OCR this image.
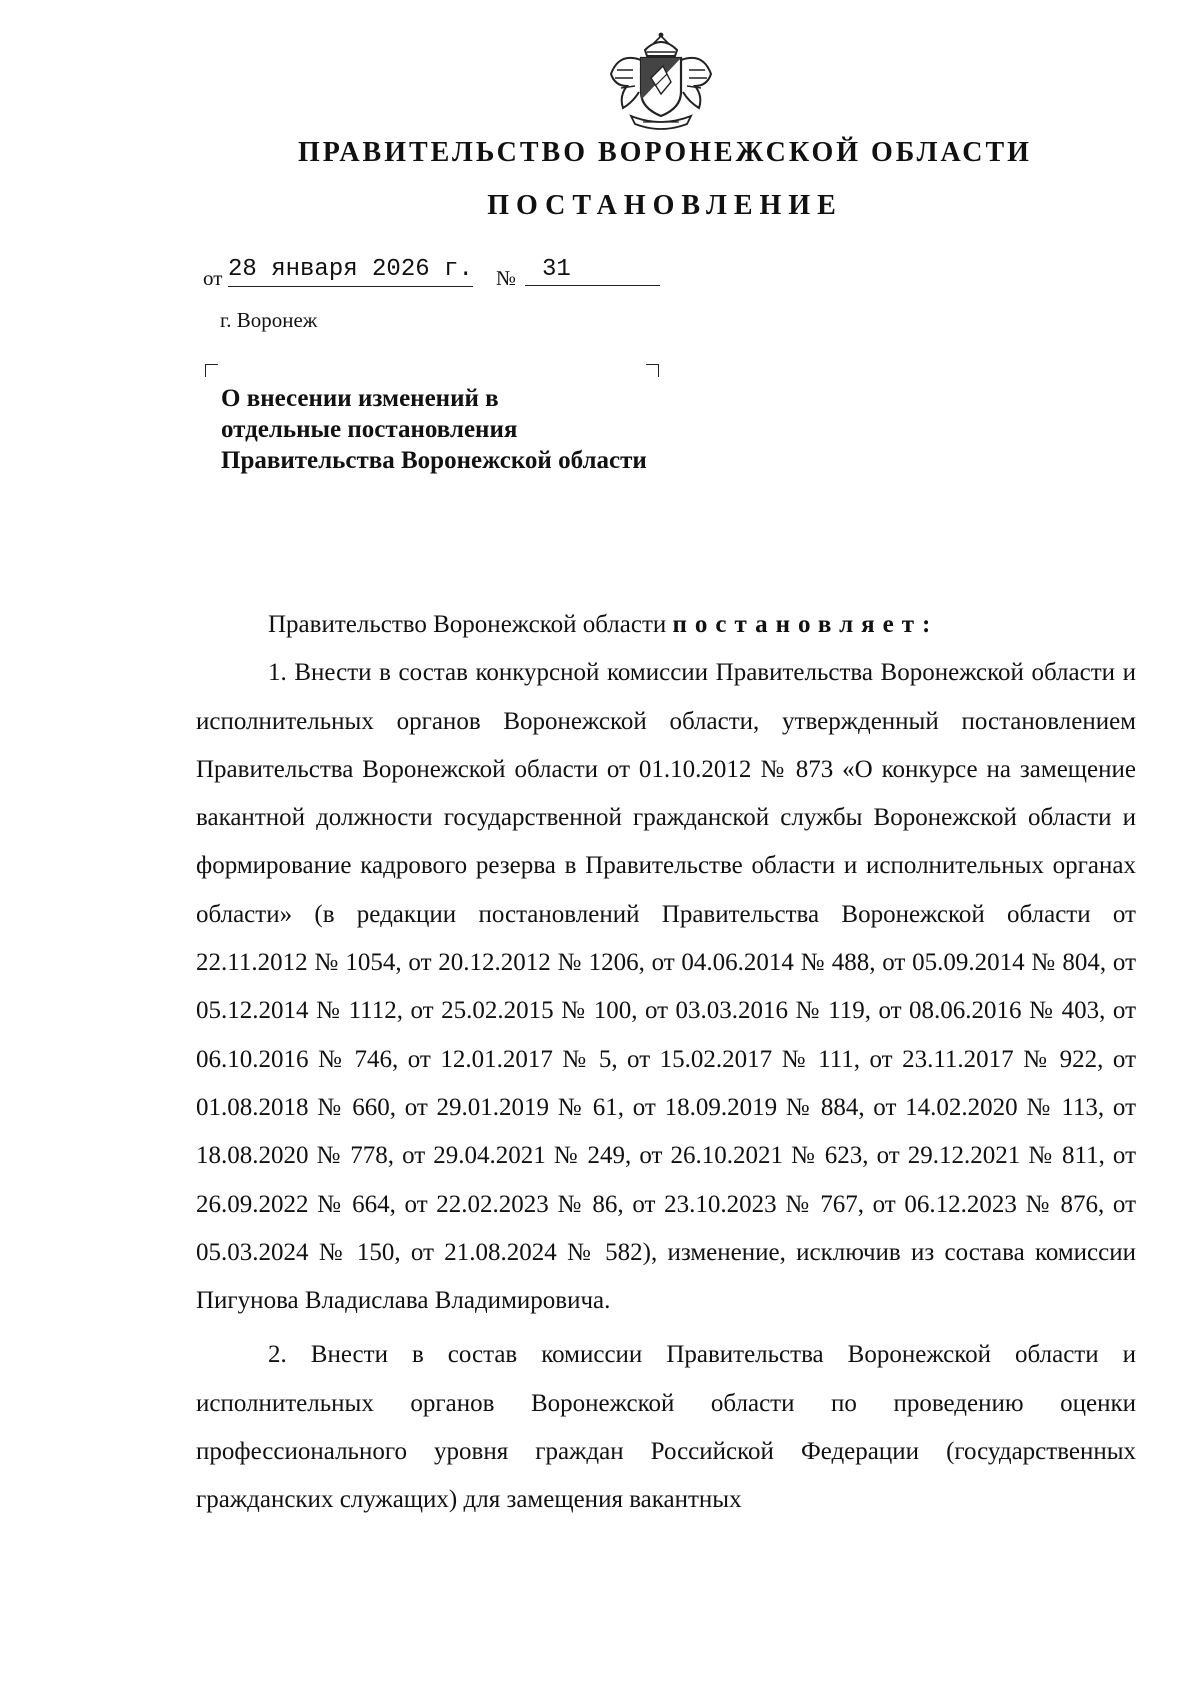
ПРАВИТЕЛЬСТВО ВОРОНЕЖСКОЙ ОБЛАСТИ
ПОСТАНОВЛЕНИЕ
от 28 января 2026 г. №	31
г. Воронеж
О внесении изменений в
отдельные постановления
Правительства Воронежской области

Правительство Воронежской области постановляет:

1. Внести в состав конкурсной комиссии Правительства Воронежской области и исполнительных органов Воронежской области, утвержденный постановлением Правительства Воронежской области от 01.10.2012 № 873 «О конкурсе на замещение вакантной должности государственной гражданской службы Воронежской области и формирование кадрового резерва в Правительстве области и исполнительных органах области» (в редакции постановлений Правительства Воронежской области от 22.11.2012 № 1054, от 20.12.2012 № 1206, от 04.06.2014 № 488, от 05.09.2014 № 804, от 05.12.2014 № 1112, от 25.02.2015 № 100, от 03.03.2016 № 119, от 08.06.2016 № 403, от 06.10.2016 № 746, от 12.01.2017 № 5, от 15.02.2017 № 111, от 23.11.2017 № 922, от 01.08.2018 № 660, от 29.01.2019 № 61, от 18.09.2019 № 884, от 14.02.2020 № 113, от 18.08.2020 № 778, от 29.04.2021 № 249, от 26.10.2021 № 623, от 29.12.2021 № 811, от 26.09.2022 № 664, от 22.02.2023 № 86, от 23.10.2023 № 767, от 06.12.2023 № 876, от 05.03.2024 № 150, от 21.08.2024 № 582), изменение, исключив из состава комиссии Пигунова Владислава Владимировича.

2. Внести в состав комиссии Правительства Воронежской области и исполнительных органов Воронежской области по проведению оценки профессионального уровня граждан Российской Федерации (государственных гражданских служащих) для замещения вакантных
